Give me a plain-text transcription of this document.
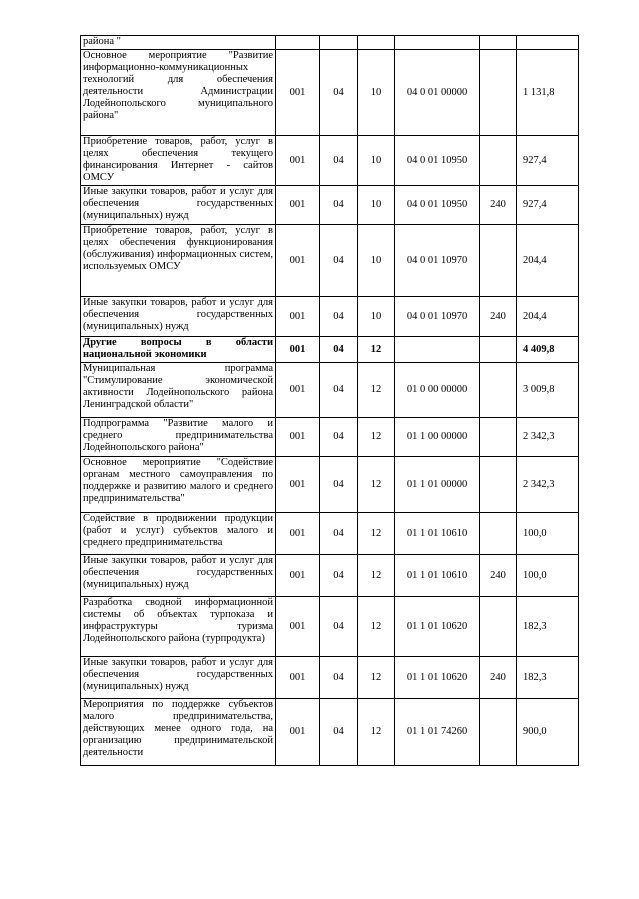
района "						
Основное мероприятие "Развитие информационно-коммуникационных технологий для обеспечения деятельности Администрации Лодейнопольского муниципального района"	001	04	10	04 0 01 00000		1 131,8
Приобретение товаров, работ, услуг в целях обеспечения текущего финансирования Интернет - сайтов ОМСУ	001	04	10	04 0 01 10950		927,4
Иные закупки товаров, работ и услуг для обеспечения государственных (муниципальных) нужд	001	04	10	04 0 01 10950	240	927,4
Приобретение товаров, работ, услуг в целях обеспечения функционирования (обслуживания) информационных систем, используемых ОМСУ	001	04	10	04 0 01 10970		204,4
Иные закупки товаров, работ и услуг для обеспечения государственных (муниципальных) нужд	001	04	10	04 0 01 10970	240	204,4
Другие вопросы в области национальной экономики	001	04	12			4 409,8
Муниципальная программа "Стимулирование экономической активности Лодейнопольского района Ленинградской области"	001	04	12	01 0 00 00000		3 009,8
Подпрограмма "Развитие малого и среднего предпринимательства Лодейнопольского района"	001	04	12	01 1 00 00000		2 342,3
Основное мероприятие "Содействие органам местного самоуправления по поддержке и развитию малого и среднего предпринимательства"	001	04	12	01 1 01 00000		2 342,3
Содействие в продвижении продукции (работ и услуг) субъектов малого и среднего предпринимательства	001	04	12	01 1 01 10610		100,0
Иные закупки товаров, работ и услуг для обеспечения государственных (муниципальных) нужд	001	04	12	01 1 01 10610	240	100,0
Разработка сводной информационной системы об объектах турпоказа и инфраструктуры туризма Лодейнопольского района (турпродукта)	001	04	12	01 1 01 10620		182,3
Иные закупки товаров, работ и услуг для обеспечения государственных (муниципальных) нужд	001	04	12	01 1 01 10620	240	182,3
Мероприятия по поддержке субъектов малого предпринимательства, действующих менее одного года, на организацию предпринимательской деятельности	001	04	12	01 1 01 74260		900,0
